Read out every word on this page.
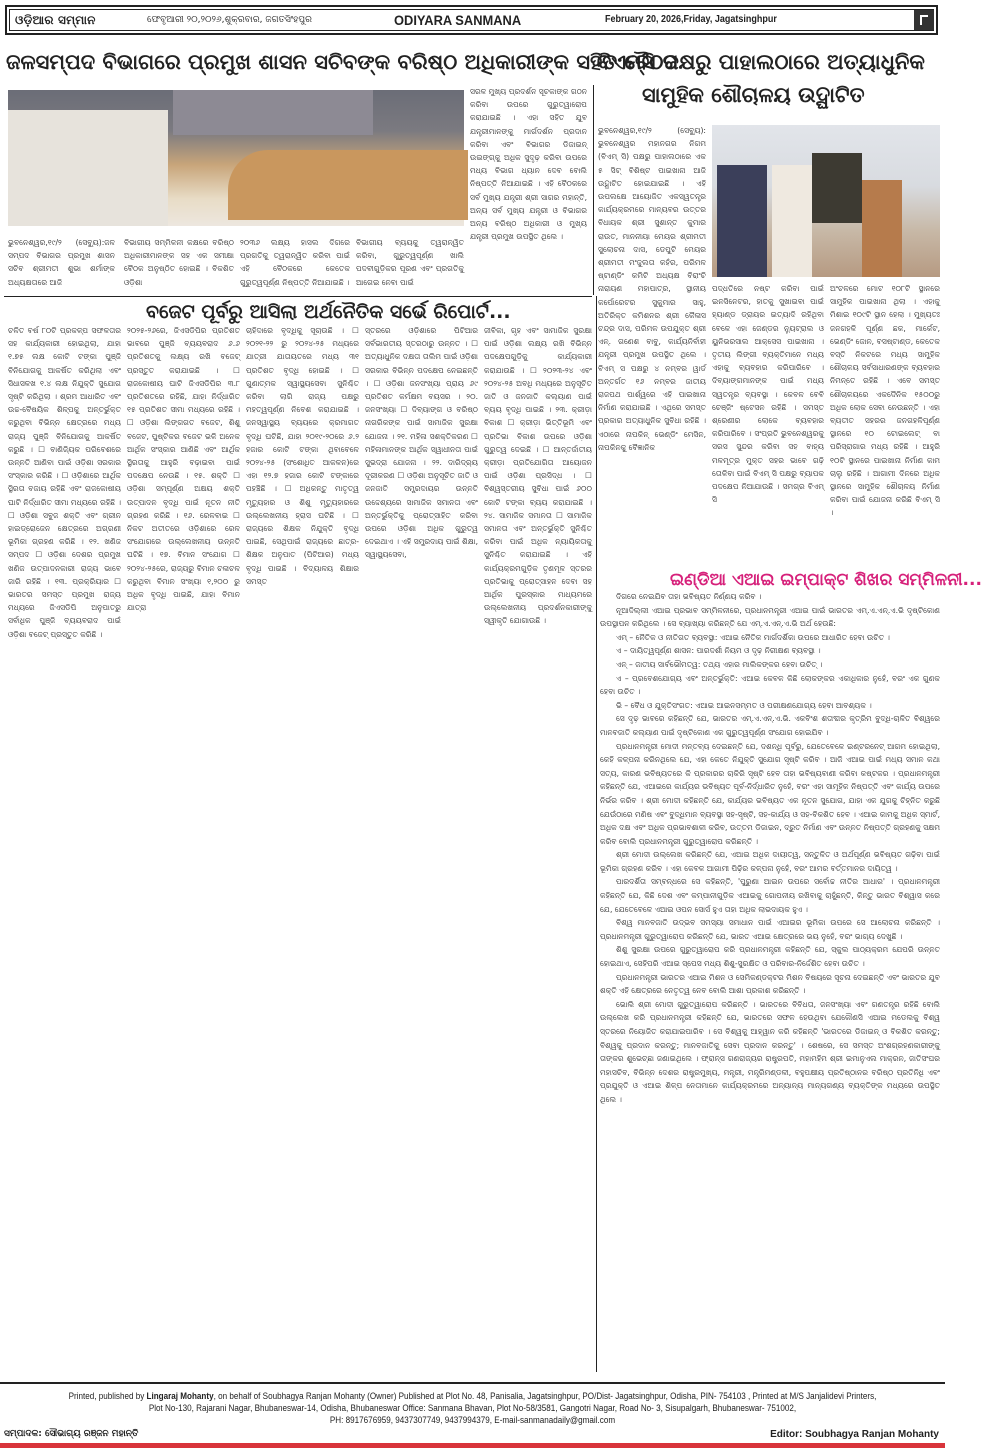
ଓଡ଼ିଆର ସମ୍ମାନ	ଫେବୃଆରୀ ୨୦,୨୦୨୬,ଶୁକ୍ରବାର, ଜଗତସିଂହପୁର	ODIYARA SANMANA	February 20, 2026,Friday, Jagatsinghpur
ଜଳସମ୍ପଦ ବିଭାଗରେ ପ୍ରମୁଖ ଶାସନ ସଚିବଙ୍କ ବରିଷ୍ଠ ଅଧିକାରୀଙ୍କ ସହିତ ବୈଠକ
ବିଏମ୍‌ସି ପକ୍ଷରୁ ପାହାଲଠାରେ ଅତ୍ୟାଧୁନିକ
ସାମୁହିକ ଶୌଚାଳୟ ଉଦ୍ଘାଟିତ

ଭୁବନେଶ୍ୱର,୧୯/୨ (ସେବ୍ୟୁ):ଜଳ ସମ୍ପଦ ବିଭାଗର ପ୍ରମୁଖ ଶାସନ ସଚିବ ଶ୍ରୀମତୀ ଶୁଭା ଶର୍ମାଙ୍କ ଅଧ୍ୟକ୍ଷତାରେ ଆଜି

ବିଭାଗୀୟ ସମ୍ମିଳନୀ କକ୍ଷରେ ବରିଷ୍ଠ ଅଧିକାରୀମାନଙ୍କ ସହ ଏକ ସମୀକ୍ଷା ବୈଠକ ଅନୁଷ୍ଠିତ ହୋଇଛି । ବିକଶିତ ଓଡ଼ିଶା

୨୦୩୬ ଲକ୍ଷ୍ୟ ହାସଲ ଦିଗରେ ପ୍ରଗତିକୁ ତ୍ୱରାନ୍ୱିତ କରିବା ପାଇଁ ଏହି ବୈଠକରେ କେତେକ ଗୁରୁତ୍ୱପୂର୍ଣ୍ଣ ନିଷ୍ପତ୍ତି ନିଆଯାଇଛି ।

ବିଭାଗୀୟ ବ୍ୟୟକୁ ତ୍ୱରାନ୍ୱିତ କରିବା, ଗୁରୁତ୍ୱପୂର୍ଣ୍ଣ ଖାଲି ପଦବୀଗୁଡ଼ିକର ପୂରଣ ଏବଂ ପ୍ରଗତିକୁ ଆଗେଇ ନେବା ପାଇଁ

ସରଳ ମୁଖ୍ୟ ପ୍ରଦର୍ଶନ ସୂଚକାଙ୍କ ଗଠନ କରିବା ଉପରେ ଗୁରୁତ୍ୱାରୋପ କରାଯାଇଛି । ଏହା ସହିତ ଯୁବ ଯନ୍ତ୍ରୀମାନଙ୍କୁ ମାର୍ଗଦର୍ଶନ ପ୍ରଦାନ କରିବା ଏବଂ ବିଭାଗର ଡିଜାଇନ୍ ଉଇଙ୍ଗ୍‌କୁ ଅଧିକ ସୁଦୃଢ଼ କରିବା ଉପରେ ମଧ୍ୟ ବିଭାଗ ଧ୍ୟାନ ଦେବ ବୋଲି ନିଷ୍ପତ୍ତି ନିଆଯାଇଛି । ଏହି ବୈଠକରେ ସର୍ବ ମୁଖ୍ୟ ଯନ୍ତ୍ରୀ ଶ୍ରୀ ସାଗର ମହାନ୍ତି, ଅନ୍ୟ ସର୍ବ ମୁଖ୍ୟ ଯନ୍ତ୍ରୀ ଓ ବିଭାଗର ଅନ୍ୟ ବରିଷ୍ଠ ଅଧିକାରୀ ଓ ମୁଖ୍ୟ ଯନ୍ତ୍ରୀ ପ୍ରମୁଖ ଉପସ୍ଥିତ ଥିଲେ ।

ଭୁବନେଶ୍ୱର,୧୯/୨ (ସେବ୍ୟୁ): ଭୁବନେଶ୍ୱର ମହାନଗର ନିଗମ (ବିଏମ୍ ସି) ପକ୍ଷରୁ ପାହାଲଠାରେ ଏକ ୫ ସିଟ୍ ବିଶିଷ୍ଟ ପାଇଖାନା ଆଜି ଉଦ୍ଘାଟିତ ହୋଇଯାଇଛି । ଏହି ଉପଲକ୍ଷେ ଆୟୋଜିତ ଏକସ୍ୱତନ୍ତ୍ର କାର୍ଯ୍ୟକ୍ରମରେ ମାନ୍ୟବର ଉତ୍ତର ବିଧାୟକ ଶ୍ରୀ ସୁଶାନ୍ତ କୁମାର ରାଉତ, ମାନନୀୟା ମେୟର ଶ୍ରୀମତୀ ସୁଲୋଚନା ଦାସ, ଡେପୁଟି ମେୟର ଶ୍ରୀମତୀ ମଂଜୁଲତା କହଁର, ପରିମଳ ଷ୍ଟାଣ୍ଡିଂ କମିଟି ଅଧ୍ୟକ୍ଷ ବିରାଂଚି ନାରାୟଣ ମହାପାତ୍ର, ସ୍ଥାନୀୟ କର୍ପୋରେଟର ସୁକୁମାର ସାହୁ, ଅତିରିକ୍ତ କମିଶନର ଶ୍ରୀ କୈଳାସ ଚନ୍ଦ୍ର ଦାସ, ପରିମଳ ଉପଯୁକ୍ତ ଶ୍ରୀ ଏନ୍. ଗଣେଶ ବାବୁ, କାର୍ଯ୍ୟନିର୍ବାହୀ ଯନ୍ତ୍ରୀ ପ୍ରମୁଖ ଉପସ୍ଥିତ ଥିଲେ । ବିଏମ୍ ସ ପକ୍ଷରୁ ୪ ନମ୍ବର ୱାର୍ଡ ଅନ୍ତର୍ଗତ ୧୬ ନମ୍ବର ଜାତୀୟ ରାଜପଥ ପାର୍ଶ୍ୱରେ ଏହି ପାଇଖାନା ନିର୍ମାଣ କରାଯାଇଛି । ଏଥିରେ ସମସ୍ତ ପ୍ରକାର ଅତ୍ୟାଧୁନିକ ସୁବିଧା ରହିଛି । ଏଠାରେ ନାପକିନ୍ ଭେଣ୍ଡିଂ ମେସିନ, ନାପକିନକୁ ବୈଜ୍ଞାନିକ

ପଦ୍ଧତିରେ ନଷ୍ଟ କରିବା ପାଇଁ ଇନସିନେଟର, ହାତକୁ ସୁଖାଇବା ପାଇଁ ହ୍ୟାଣ୍ଡ ଡ୍ରାୟର ଇତ୍ୟାଦି ରହିଥିବା ବେଳେ ଏହା ଜେଣ୍ଡର ନ୍ୟୁଟ୍ରାଲ ଓ ୟୁନିଭରସାଲ ଆକ୍ସେସ ପାଇଖାନା । ତୃତୀୟ ଲିଙ୍ଗୀ ବ୍ୟକ୍ତିମାନେ ମଧ୍ୟ ଏହାକୁ ବ୍ୟବହାର କରିପାରିବେ । ଦିବ୍ୟାଙ୍ଗମାନଙ୍କ ପାଇଁ ମଧ୍ୟ ସ୍ୱତନ୍ତ୍ର ବ୍ୟବସ୍ଥା । କେବଳ ବେବି ଚେଞ୍ଜିଂ ଷ୍ଟେସନ ରହିଛି । ସମସ୍ତ ଶ୍ରେଣୀର ଲୋକେ ବ୍ୟବହାର କରିପାରିବେ । ସଂପ୍ରତି ଭୁବନେଶ୍ୱରକୁ ସରସ ସୁନ୍ଦର କରିବା ସହ ବାହ୍ୟ ମଳମୂତ୍ର ମୁକ୍ତ ସହର ଭାବେ ଗଢ଼ି ତୋଳିବା ପାଇଁ ବିଏମ୍ ସି ପକ୍ଷରୁ ବ୍ୟାପକ ପଦକ୍ଷେପ ନିଆଯାଉଛି । ସମଗ୍ର ବିଏମ୍ ସି

ଅଂଚଳରେ ମୋଟ ୧୦୮ଟି ସ୍ଥାନରେ ସାମୁହିକ ପାଇଖାନା ଥିଲା । ଏହାକୁ ମିଶାଇ ୧୦୯ଟି ସ୍ଥାନ ହେଲା । ମୁଖ୍ୟତଃ ଜନଗହଳି ପୂର୍ଣ୍ଣ ଛକ, ମାର୍କେଟ, ଭେଣ୍ଡିଂ ଜୋନ, ବସଷ୍ଟାଣ୍ଡ, କେତେକ ବସ୍ତି ନିକଟରେ ମଧ୍ୟ ସାମୁହିକ ଶୌଚାଳୟ ସର୍ବସାଧାରଣଙ୍କ ବ୍ୟବହାର ନିମନ୍ତେ ରହିଛି । ଏବେ ସମସ୍ତ ଶୌଚାଳୟରେ ଏକଦୈନିକ ୧୫୦୦ରୁ ଅଧିକ ଲୋକ ସେବା ନେଉଛନ୍ତି । ଏହା ବ୍ୟତୀତ ସହରର ଜନଗହଳିପୂର୍ଣ୍ଣ ସ୍ଥାନରେ ୧୦ ଟୋଇଲେଟ୍ ବା ପରିସ୍ରାଗାର ମଧ୍ୟ ରହିଛି । ଆହୁରି ୧୦ଟି ସ୍ଥାନରେ ପାଇଖାନା ନିର୍ମାଣ କାମ ଚାଲୁ ରହିଛି । ଆଗାମୀ ଦିନରେ ଅଧିକ ସ୍ଥାନରେ ସାମୁହିକ ଶୌଚାଳୟ ନିର୍ମାଣ କରିବା ପାଇଁ ଯୋଜନା କରିଛି ବିଏମ୍ ସି ।

ବଜେଟ ପୂର୍ବରୁ ଆସିଲା ଅର୍ଥନୈତିକ ସର୍ଭେ ରିପୋର୍ଟ...

ଚଳିତ ବର୍ଷ ୮୦ଟି ପ୍ରକଳ୍ପ ସଫଳତାର ସହ କାର୍ଯ୍ୟକାରୀ ହୋଇଥିଲା, ଯାହା ୧.୭୫ ଲକ୍ଷ କୋଟି ଟଙ୍କା ପୁଞ୍ଜି ବିନିଯୋଗକୁ ଆକର୍ଷିତ କରିଥିଲା ଏବଂ ସିଧାସଳଖ ୧.୪ ଲକ୍ଷ ନିଯୁକ୍ତି ସୁଯୋଗ ସୃଷ୍ଟି କରିଥିଲା । ଶ୍ରମ ଆଧାରିତ ଏବଂ ଉଚ୍ଚ-ବୈଷୟିକ ଶିଳ୍ପକୁ ଅନ୍ତର୍ଭୁକ୍ତ କରୁଥିବା ବିଭିନ୍ନ କ୍ଷେତ୍ରରେ ମଧ୍ୟ ରାଜ୍ୟ ପୁଞ୍ଜି ବିନିଯୋଗକୁ ଆକର୍ଷିତ କରୁଛି । ☐ ବାଣିଜ୍ୟିକ ପରିବେଶରେ ଉନ୍ନତି ଆଣିବା ପାଇଁ ଓଡ଼ିଶା ସରକାର ସଂସ୍କାର କରିଛି । ☐ ଓଡ଼ିଶାରେ ଆର୍ଥିକ ସ୍ଥିରତା ବଜାୟ ରହିଛି ଏବଂ ରାଜକୋଷୀୟ ଘାଟି ନିର୍ଦ୍ଧାରିତ ସୀମା ମଧ୍ୟରେ ରହିଛି । ☐ ଓଡ଼ିଶା ସବୁଜ ଶକ୍ତି ଏବଂ ଗ୍ରୀନ ହାଇଡ୍ରୋଜେନ କ୍ଷେତ୍ରରେ ଅଗ୍ରଣୀ ଭୂମିକା ଗ୍ରହଣ କରିଛି । ୧୨. ଖଣିଜ ସମ୍ପଦ ☐ ଓଡ଼ିଶା ଦେଶର ପ୍ରମୁଖ ଖଣିଜ ଉତ୍ପାଦନକାରୀ ରାଜ୍ୟ ଭାବେ ଜାରି ରହିଛି । ୧୩. ପ୍ରକ୍ରିୟାର ☐ ଭାରତର ସମସ୍ତ ପ୍ରମୁଖ ରାଜ୍ୟ ମଧ୍ୟରେ ଜିଏସଡିପି ଅନୁପାତରୁ ସର୍ବାଧିକ ପୁଞ୍ଜି ବ୍ୟୟବରାଦ ପାଇଁ ଓଡ଼ିଶା ବଜେଟ୍ ପ୍ରସ୍ତୁତ କରିଛି ।

୨୦୨୫-୨୬ରେ, ଜିଏସଡିପିର ପ୍ରତିଶତ ଭାବରେ ପୁଞ୍ଜି ବ୍ୟୟବରାଦ ୬.୬ ପ୍ରତିଶତକୁ ଲକ୍ଷ୍ୟ ରଖି ବଜେଟ୍ ପ୍ରସ୍ତୁତ କରାଯାଇଛି । ☐ ରାଜକୋଷୀୟ ଘାଟି ଜିଏସଡିପିର ୩.୮ ପ୍ରତିଶତରେ ରହିଛି, ଯାହା ନିର୍ଦ୍ଧାରିତ ୧୫ ପ୍ରତିଶତ ସୀମା ମଧ୍ୟରେ ରହିଛି । ☐ ଓଡ଼ିଶା ଲିଙ୍ଗଗତ ବଜେଟ, ଶିଶୁ ବଜେଟ, ପୁଷ୍ଟିକର ବଜେଟ ଭଳି ଅନେକ ଆର୍ଥିକ ସଂସ୍କାର ଆଣିଛି ଏବଂ ଆର୍ଥିକ ସ୍ଥିରତାକୁ ଆହୁରି ବଢ଼ାଇବା ପାଇଁ ପଦକ୍ଷେପ ନେଉଛି । ୧୫. ଶକ୍ତି ☐ ଓଡ଼ିଶା ସମ୍ପୂର୍ଣ୍ଣ ଅକ୍ଷୟ ଶକ୍ତି ଉତ୍ପାଦନ ବୃଦ୍ଧି ପାଇଁ ନୂତନ ନୀତି ଗ୍ରହଣ କରିଛି । ୧୬. ରେଳବାଇ ☐ ନିକଟ ଅତୀତରେ ଓଡ଼ିଶାରେ ରେଳ ସଂଯୋଗରେ ଉଲ୍ଲେଖନୀୟ ଉନ୍ନତି ଘଟିଛି । ୧୭. ବିମାନ ସଂଯୋଗ ☐ ୨୦୨୪-୨୫ରେ, ରାଜ୍ୟରୁ ବିମାନ ଚଳାଚଳ କରୁଥିବା ବିମାନ ସଂଖ୍ୟା ୧,୨୦୦ ରୁ ଅଧିକ ବୃଦ୍ଧି ପାଇଛି, ଯାହା ବିମାନ ଯାତ୍ରା

ଚାହିଦାରେ ବୃଦ୍ଧିକୁ ସୂଚାଉଛି । ☐ ୨୦୨୧-୨୨ ରୁ ୨୦୨୪-୨୫ ମଧ୍ୟରେ ଯାତ୍ରୀ ଯାତାୟତରେ ମଧ୍ୟ ୩୧ ପ୍ରତିଶତ ବୃଦ୍ଧି ହୋଇଛି । ☐ ଗୁଣାତ୍ମକ ସ୍ୱାସ୍ଥ୍ୟସେବା ସୁନିଶ୍ଚିତ କରିବା ଲାଗି ରାଜ୍ୟ ପକ୍ଷରୁ ମହତ୍ୱପୂର୍ଣ୍ଣ ନିବେଶ କରାଯାଇଛି । ଜନସ୍ୱାସ୍ଥ୍ୟ ବ୍ୟୟରେ କ୍ରମାଗତ ବୃଦ୍ଧି ଘଟିଛି, ଯାହା ୨୦୧୯-୨୦ରେ ୬.୨ ହଜାର କୋଟି ଟଙ୍କା ଥିବାବେଳେ ୨୦୨୪-୨୫ (ସଂଶୋଧିତ ଆକଳନ)ରେ ଏହା ୧୨.୭ ହଜାର କୋଟି ଟଙ୍କାରେ ପହଞ୍ଚିଛି । ☐ ଅଧିକନ୍ତୁ ମାତୃତ୍ୱ ମୃତ୍ୟୁହାର ଓ ଶିଶୁ ମୃତ୍ୟୁହାରରେ ଉଲ୍ଲେଖନୀୟ ହ୍ରାସ ଘଟିଛି । ☐ ରାଜ୍ୟରେ ଶିକ୍ଷକ ନିଯୁକ୍ତି ବୃଦ୍ଧି ପାଇଛି, ସେଥିପାଇଁ ରାଜ୍ୟରେ ଛାତ୍ର-ଶିକ୍ଷକ ଅନୁପାତ (ପିଟିଆର) ମଧ୍ୟ ବୃଦ୍ଧି ପାଇଛି । ବିଦ୍ୟାଳୟ ଶିକ୍ଷାର ସମସ୍ତ

ସ୍ତରରେ ଓଡ଼ିଶାରେ ପିଟିଆର ସର୍ବଭାରତୀୟ ସ୍ତରଠାରୁ ଉନ୍ନତ । ☐ ଅତ୍ୟାଧୁନିକ ଦକ୍ଷତା ତାଲିମ ପାଇଁ ଓଡ଼ିଶା ସରକାର ବିଭିନ୍ନ ପଦକ୍ଷେପ ନେଇଛନ୍ତି । ☐ ଓଡ଼ିଶା ଜନସଂଖ୍ୟା ପ୍ରାୟ ୬୯ ପ୍ରତିଶତ କର୍ମକ୍ଷମ ବୟସର । ୨୦. ଜନସଂଖ୍ୟା ☐ ଦିବ୍ୟାଙ୍ଗ ଓ ବରିଷ୍ଠ ନାଗରିକଙ୍କ ପାଇଁ ସାମାଜିକ ସୁରକ୍ଷା ଯୋଜନା । ୨୧. ମହିଳା ସଶକ୍ତିକରଣ ☐ ମହିଳାମାନଙ୍କ ଆର୍ଥିକ ସ୍ୱାଧୀନତା ପାଇଁ ସୁଭଦ୍ରା ଯୋଜନା । ୨୨. ଦାରିଦ୍ର୍ୟ ଦୂରୀକରଣ ☐ ଓଡ଼ିଶା ଅନୁସୂଚିତ ଜାତି ଓ ଜନଜାତି ସମ୍ପ୍ରଦାୟର ଉନ୍ନତି ଉଦ୍ଦେଶ୍ୟରେ ସାମାଜିକ ସମାନତା ଏବଂ ଅନ୍ତର୍ଭୁକ୍ତିକୁ ପ୍ରୋତ୍ସାହିତ କରିବା ଉପରେ ଓଡ଼ିଶା ଅଧିକ ଗୁରୁତ୍ୱ ଦେଇଥାଏ । ଏହି ସମ୍ପ୍ରଦାୟ ପାଇଁ ଶିକ୍ଷା, ସ୍ୱାସ୍ଥ୍ୟସେବା,

ଜୀବିକା, ଗୃହ ଏବଂ ସାମାଜିକ ସୁରକ୍ଷା ପାଇଁ ଓଡ଼ିଶା ଲକ୍ଷ୍ୟ ରଖି ବିଭିନ୍ନ ପଦକ୍ଷେପଗୁଡ଼ିକୁ କାର୍ଯ୍ୟକାରୀ କରାଯାଉଛି । ☐ ୨୦୨୩-୨୪ ଏବଂ ୨୦୨୪-୨୫ ଅବଧି ମଧ୍ୟରେ ଅନୁସୂଚିତ ଜାତି ଓ ଜନଜାତି କଲ୍ୟାଣ ପାଇଁ ବ୍ୟୟ ବୃଦ୍ଧି ପାଇଛି । ୨୩. କ୍ରୀଡ଼ା ବିକାଶ ☐ କ୍ରୀଡ଼ା ଭିତ୍ତିଭୂମି ଏବଂ ପ୍ରତିଭା ବିକାଶ ଉପରେ ଓଡ଼ିଶା ଗୁରୁତ୍ୱ ଦେଇଛି । ☐ ଆନ୍ତର୍ଜାତୀୟ କ୍ରୀଡ଼ା ପ୍ରତିଯୋଗିତା ଆୟୋଜନ ପାଇଁ ଓଡ଼ିଶା ପ୍ରସିଦ୍ଧ । ☐ ବିଶ୍ୱସ୍ତରୀୟ ସୁବିଧା ପାଇଁ ୬୦୦ କୋଟି ଟଙ୍କା ବ୍ୟୟ କରାଯାଇଛି । ୨୪. ସାମାଜିକ ସମାନତା ☐ ସାମାଜିକ ସମାନତା ଏବଂ ଅନ୍ତର୍ଭୁକ୍ତି ସୁନିଶ୍ଚିତ କରିବା ପାଇଁ ଅଧିକ ନ୍ୟାୟିକତାକୁ ସୁନିଶ୍ଚିତ କରାଯାଇଛି । ଏହି କାର୍ଯ୍ୟକ୍ରମଗୁଡ଼ିକ ତୃଣମୂଳ ସ୍ତରର ପ୍ରତିଭାକୁ ପ୍ରୋତ୍ସାହନ ଦେବା ସହ ଆର୍ଥିକ ପୁରସ୍କାର ମାଧ୍ୟମରେ ଉଲ୍ଲେଖନୀୟ ପ୍ରଦର୍ଶନକାରୀଙ୍କୁ ସ୍ୱୀକୃତି ଯୋଗାଉଛି ।

ଇଣ୍ଡିଆ ଏଆଇ ଇମ୍ପାକ୍ଟ ଶିଖର ସମ୍ମିଳନୀ...

ଦିଗରେ ନେଇଯିବ ତାହା ଭବିଷ୍ୟତ ନିର୍ଣ୍ଣୟ କରିବ ।

ନୂଆଦିଲ୍ଲୀ ଏଆଇ ପ୍ରଭାବ ସମ୍ମିଳନୀରେ, ପ୍ରଧାନମନ୍ତ୍ରୀ ଏଆଇ ପାଇଁ ଭାରତର ଏମ୍.ଏ.ଏନ୍.ଏ.ଭି ଦୃଷ୍ଟିକୋଣ ଉପସ୍ଥାପନ କରିଥିଲେ । ସେ ବ୍ୟାଖ୍ୟା କରିଛନ୍ତି ଯେ ଏମ୍.ଏ.ଏନ୍.ଏ.ଭି ଅର୍ଥ ହେଉଛି:

ଏମ୍ – ନୈତିକ ଓ ନୀତିଗତ ବ୍ୟବସ୍ଥା: ଏଆଇ ନୈତିକ ମାର୍ଗଦର୍ଶିକା ଉପରେ ଆଧାରିତ ହେବା ଉଚିତ ।

ଏ – ଦାୟିତ୍ୱପୂର୍ଣ୍ଣ ଶାସନ: ପାରଦର୍ଶୀ ନିୟମ ଓ ଦୃଢ଼ ନିରୀକ୍ଷଣ ବ୍ୟବସ୍ଥା ।

ଏନ୍ – ଜାତୀୟ ସାର୍ବଭୌମତ୍ୱ: ତଥ୍ୟ ଏହାର ମାଲିକଙ୍କର ହେବା ଉଚିତ୍ ।

ଏ – ପ୍ରବେଶଯୋଗ୍ୟ ଏବଂ ଅନ୍ତର୍ଭୁକ୍ତି: ଏଆଇ କେବଳ କିଛି ଲୋକଙ୍କର ଏକାଧିକାର ନୁହେଁ, ବରଂ ଏକ ଗୁଣକ ହେବା ଉଚିତ ।

ଭି – ବୈଧ ଓ ଯୁକ୍ତିସଂଗତ: ଏଆଇ ଆଇନସମ୍ମତ ଓ ପରୀକ୍ଷଣଯୋଗ୍ୟ ହେବା ଆବଶ୍ୟକ ।

ସେ ଦୃଢ଼ ଭାବରେ କହିଛନ୍ତି ଯେ, ଭାରତର ଏମ୍.ଏ.ଏନ୍.ଏ.ଭି. ଏକବିଂଶ ଶତାବ୍ଦୀର କୃତ୍ରିମ ବୁଦ୍ଧି-ଚାଳିତ ବିଶ୍ୱରେ ମାନବଜାତି କଲ୍ୟାଣ ପାଇଁ ଦୃଷ୍ଟିକୋଣ ଏକ ଗୁରୁତ୍ୱପୂର୍ଣ୍ଣ ସଂଯୋଗ ହୋଇଯିବ ।

ପ୍ରଧାନମନ୍ତ୍ରୀ ମୋଦୀ ମନ୍ତବ୍ୟ ଦେଇଛନ୍ତି ଯେ, ଦଶନ୍ଧି ପୂର୍ବରୁ, ଯେତେବେଳେ ଇଣ୍ଟରନେଟ୍ ଆଗମ ହୋଇଥିଲା, କେହି କଳ୍ପନା କରିନଥିଲେ ଯେ, ଏହା କେତେ ନିଯୁକ୍ତି ସୁଯୋଗ ସୃଷ୍ଟି କରିବ । ଆଜି ଏଆଇ ପାଇଁ ମଧ୍ୟ ସମାନ କଥା ସତ୍ୟ, କାରଣ ଭବିଷ୍ୟତରେ କି ପ୍ରକାରର ଚାକିରି ସୃଷ୍ଟି ହେବ ତାହା ଭବିଷ୍ୟବାଣୀ କରିବା କଷ୍ଟକର । ପ୍ରଧାନମନ୍ତ୍ରୀ କହିଛନ୍ତି ଯେ, ଏଆଇରେ କାର୍ଯ୍ୟର ଭବିଷ୍ୟତ ପୂର୍ବ-ନିର୍ଦ୍ଧାରିତ ନୁହେଁ, ବରଂ ଏହା ସାମୂହିକ ନିଷ୍ପତ୍ତି ଏବଂ କାର୍ଯ୍ୟ ଉପରେ ନିର୍ଭର କରିବ । ଶ୍ରୀ ମୋଦୀ କହିଛନ୍ତି ଯେ, କାର୍ଯ୍ୟର ଭବିଷ୍ୟତ ଏକ ନୂତନ ସୁଯୋଗ, ଯାହା ଏକ ଯୁଗକୁ ଚିହ୍ନିତ କରୁଛି ଯେଉଁଠାରେ ମଣିଷ ଏବଂ ବୁଦ୍ଧିମାନ ବ୍ୟବସ୍ଥା ସହ-ସୃଷ୍ଟି, ସହ-କାର୍ଯ୍ୟ ଓ ସହ-ବିକଶିତ ହେବ । ଏଆଇ କାମକୁ ଅଧିକ ସ୍ମାର୍ଟ, ଅଧିକ ଦକ୍ଷ ଏବଂ ଅଧିକ ପ୍ରଭାବଶାଳୀ କରିବ, ଉତ୍ତମ ଡିଜାଇନ, ଦ୍ରୁତ ନିର୍ମାଣ ଏବଂ ଉନ୍ନତ ନିଷ୍ପତ୍ତି ଗ୍ରହଣକୁ ସକ୍ଷମ କରିବ ବୋଲି ପ୍ରଧାନମନ୍ତ୍ରୀ ଗୁରୁତ୍ୱାରୋପ କରିଛନ୍ତି ।

ଶ୍ରୀ ମୋଦୀ ଉଲ୍ଲେଖ କରିଛନ୍ତି ଯେ, ଏଆଇ ଅଧିକ ଦାୟୀତ୍ୱ, ସନ୍ତୁଳିତ ଓ ଅର୍ଥପୂର୍ଣ୍ଣ ଭବିଷ୍ୟତ ଗଢ଼ିବା ପାଇଁ ଭୂମିକା ଗ୍ରହଣ କରିବ । ଏହା କେବଳ ଆଗାମୀ ପିଢ଼ିର କଳ୍ପନା ନୁହେଁ, ବରଂ ଆମର ବର୍ତ୍ତମାନର ଦାୟିତ୍ୱ ।

ପାରଦର୍ଶିତା ସମ୍ବନ୍ଧରେ ସେ କହିଛନ୍ତି, 'ପୁରୁଣା ଆଇନ ଉପରେ ସର୍ବୋଚ୍ଚ ନୀତିର ଆଧାର' । ପ୍ରଧାନମନ୍ତ୍ରୀ କହିଛନ୍ତି ଯେ, କିଛି ଦେଶ ଏବଂ କମ୍ପାନୀଗୁଡ଼ିକ ଏଆଇକୁ ଗୋପନୀୟ ରଖିବାକୁ ଚାହୁଁଛନ୍ତି, କିନ୍ତୁ ଭାରତ ବିଶ୍ୱାସ କରେ ଯେ, ଯେତେବେଳେ ଏଆଇ ଓପନ ସୋର୍ସ ହୁଏ ତାହା ଅଧିକ ଲାଭଦାୟକ ହୁଏ ।

ବିଶ୍ୱ ମାନବଜାତି ଉଦ୍ଭବ ସମସ୍ୟା ସମାଧାନ ପାଇଁ ଏଆଇର ଭୂମିକା ଉପରେ ସେ ଆଲୋଚନା କରିଛନ୍ତି । ପ୍ରଧାନମନ୍ତ୍ରୀ ଗୁରୁତ୍ୱାରୋପ କରିଛନ୍ତି ଯେ, ଭାରତ ଏଆଇ କ୍ଷେତ୍ରରେ ଭୟ ନୁହେଁ, ବରଂ ଭାଗ୍ୟ ଦେଖୁଛି ।

ଶିଶୁ ସୁରକ୍ଷା ଉପରେ ଗୁରୁତ୍ୱାରୋପ କରି ପ୍ରଧାନମନ୍ତ୍ରୀ କହିଛନ୍ତି ଯେ, ସ୍କୁଲ ପାଠ୍ୟକ୍ରମ ଯେପରି ଉନ୍ନତ ହୋଇଥାଏ, ସେହିପରି ଏଆଇ ସ୍ପେସ ମଧ୍ୟ ଶିଶୁ-ସୁରକ୍ଷିତ ଓ ପରିବାର-ନିର୍ଦ୍ଦେଶିତ ହେବା ଉଚିତ ।

ପ୍ରଧାନମନ୍ତ୍ରୀ ଭାରତର ଏଆଇ ମିଶନ ଓ ସେମିକଣ୍ଡକ୍ଟର ମିଶନ ବିଷୟରେ ସୂଚନା ଦେଇଛନ୍ତି ଏବଂ ଭାରତର ଯୁବ ଶକ୍ତି ଏହି କ୍ଷେତ୍ରରେ ନେତୃତ୍ୱ ନେବ ବୋଲି ଆଶା ପ୍ରକାଶ କରିଛନ୍ତି ।

ଭୋଲି ଶ୍ରୀ ମୋଦୀ ଗୁରୁତ୍ୱାରୋପ କରିଛନ୍ତି । ଭାରତରେ ବିବିଧତା, ଜନସଂଖ୍ୟା ଏବଂ ଗଣତନ୍ତ୍ର ରହିଛି ବୋଲି ଉଲ୍ଲେଖ କରି ପ୍ରଧାନମନ୍ତ୍ରୀ କହିଛନ୍ତି ଯେ, ଭାରତରେ ସଫଳ ହେଉଥିବା ଯେକୌଣସି ଏଆଇ ମଡେଲକୁ ବିଶ୍ୱ ସ୍ତରରେ ନିୟୋଜିତ କରାଯାଇପାରିବ । ସେ ବିଶ୍ୱକୁ ଆହ୍ୱାନ କରି କହିଛନ୍ତି 'ଭାରତରେ ଡିଜାଇନ୍ ଓ ବିକଶିତ କରନ୍ତୁ; ବିଶ୍ୱକୁ ପ୍ରଦାନ କରନ୍ତୁ; ମାନବଜାତିକୁ ସେବା ପ୍ରଦାନ କରନ୍ତୁ' । ଶେଷରେ, ସେ ସମସ୍ତ ଅଂଶଗ୍ରହଣକାରୀଙ୍କୁ ତାଙ୍କର ଶୁଭେଚ୍ଛା ଜଣାଇଥିଲେ । ଫ୍ରାନ୍ସ ଗଣରାଜ୍ୟର ରାଷ୍ଟ୍ରପତି, ମହାମହିମ ଶ୍ରୀ ଇମାନୁଏଲ ମାକ୍ରନ, ଜାତିସଂଘର ମହାସଚିବ, ବିଭିନ୍ନ ଦେଶର ରାଷ୍ଟ୍ରମୁଖ୍ୟ, ମନ୍ତ୍ରୀ, ମନ୍ତ୍ରିମଣ୍ଡଳୀ, ବହୁପକ୍ଷୀୟ ପ୍ରତିଷ୍ଠାନର ବରିଷ୍ଠ ପ୍ରତିନିଧି ଏବଂ ପ୍ରଯୁକ୍ତି ଓ ଏଆଇ ଶିଳ୍ପ ନେତାମାନେ କାର୍ଯ୍ୟକ୍ରମରେ ଅନ୍ୟାନ୍ୟ ମାନ୍ୟଗଣ୍ୟ ବ୍ୟକ୍ତିଙ୍କ ମଧ୍ୟରେ ଉପସ୍ଥିତ ଥିଲେ ।

Printed, published by Lingaraj Mohanty, on behalf of Soubhagya Ranjan Mohanty (Owner) Published at Plot No. 48, Panisalia, Jagatsinghpur, PO/Dist- Jagatsinghpur, Odisha, PIN- 754103 , Printed at M/S Janjalidevi Printers,
Plot No-130, Rajarani Nagar, Bhubaneswar-14, Odisha, Bhubaneswar Office: Sanmana Bhavan, Plot No-58/3581, Gangotri Nagar, Road No- 3, Sisupalgarh, Bhubaneswar- 751002,
PH: 8917676959, 9437307749, 9437994379, E-mail-sanmanadaily@gmail.com
ସମ୍ପାଦକ: ସୌଭାଗ୍ୟ ରଞ୍ଜନ ମହାନ୍ତି	Editor: Soubhagya Ranjan Mohanty
